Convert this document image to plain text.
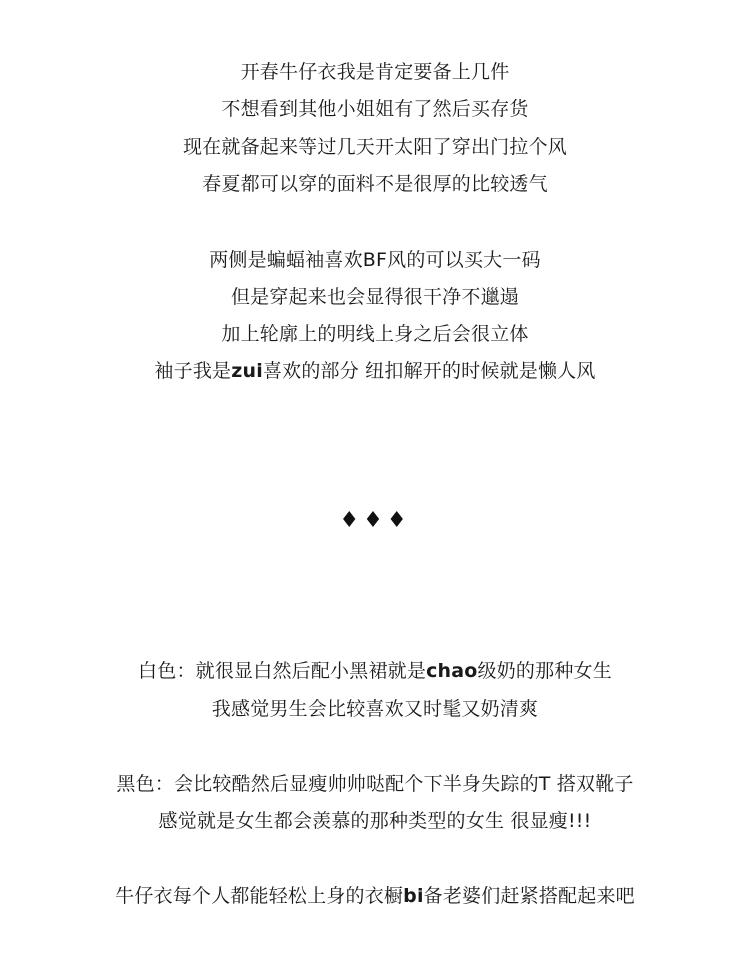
开春牛仔衣我是肯定要备上几件
不想看到其他小姐姐有了然后买存货
现在就备起来等过几天开太阳了穿出门拉个风
春夏都可以穿的面料不是很厚的比较透气
两侧是蝙蝠袖喜欢BF风的可以买大一码
但是穿起来也会显得很干净不邋遢
加上轮廓上的明线上身之后会很立体
袖子我是zui喜欢的部分 纽扣解开的时候就是懒人风
♦♦♦
白色：就很显白然后配小黑裙就是chao级奶的那种女生
我感觉男生会比较喜欢又时髦又奶清爽
黑色：会比较酷然后显瘦帅帅哒配个下半身失踪的T 搭双靴子
感觉就是女生都会羡慕的那种类型的女生 很显瘦!!!
牛仔衣每个人都能轻松上身的衣橱bi备老婆们赶紧搭配起来吧
